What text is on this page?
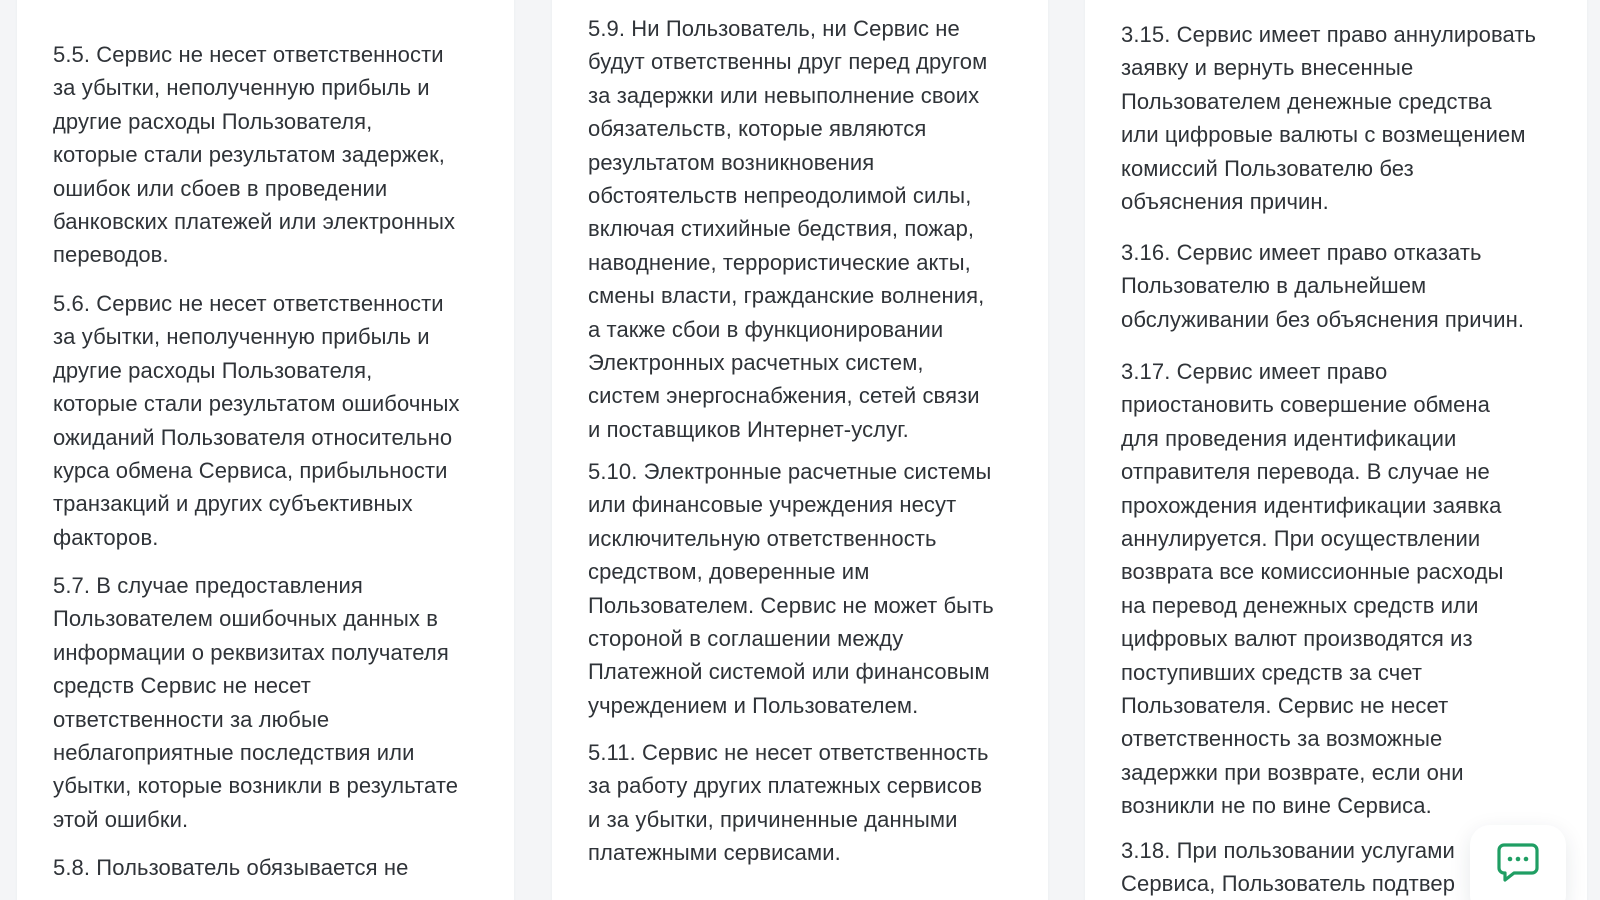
5.5. Сервис не несет ответственности
за убытки, неполученную прибыль и
другие расходы Пользователя,
которые стали результатом задержек,
ошибок или сбоев в проведении
банковских платежей или электронных
переводов.

5.6. Сервис не несет ответственности
за убытки, неполученную прибыль и
другие расходы Пользователя,
которые стали результатом ошибочных
ожиданий Пользователя относительно
курса обмена Сервиса, прибыльности
транзакций и других субъективных
факторов.

5.7. В случае предоставления
Пользователем ошибочных данных в
информации о реквизитах получателя
средств Сервис не несет
ответственности за любые
неблагоприятные последствия или
убытки, которые возникли в результате
этой ошибки.

5.8. Пользователь обязывается не

5.9. Ни Пользователь, ни Сервис не
будут ответственны друг перед другом
за задержки или невыполнение своих
обязательств, которые являются
результатом возникновения
обстоятельств непреодолимой силы,
включая стихийные бедствия, пожар,
наводнение, террористические акты,
смены власти, гражданские волнения,
а также сбои в функционировании
Электронных расчетных систем,
систем энергоснабжения, сетей связи
и поставщиков Интернет-услуг.

5.10. Электронные расчетные системы
или финансовые учреждения несут
исключительную ответственность
средством, доверенные им
Пользователем. Сервис не может быть
стороной в соглашении между
Платежной системой или финансовым
учреждением и Пользователем.

5.11. Сервис не несет ответственность
за работу других платежных сервисов
и за убытки, причиненные данными
платежными сервисами.

3.15. Сервис имеет право аннулировать
заявку и вернуть внесенные
Пользователем денежные средства
или цифровые валюты с возмещением
комиссий Пользователю без
объяснения причин.

3.16. Сервис имеет право отказать
Пользователю в дальнейшем
обслуживании без объяснения причин.

3.17. Сервис имеет право
приостановить совершение обмена
для проведения идентификации
отправителя перевода. В случае не
прохождения идентификации заявка
аннулируется. При осуществлении
возврата все комиссионные расходы
на перевод денежных средств или
цифровых валют производятся из
поступивших средств за счет
Пользователя. Сервис не несет
ответственность за возможные
задержки при возврате, если они
возникли не по вине Сервиса.

3.18. При пользовании услугами
Сервиса, Пользователь подтвер
